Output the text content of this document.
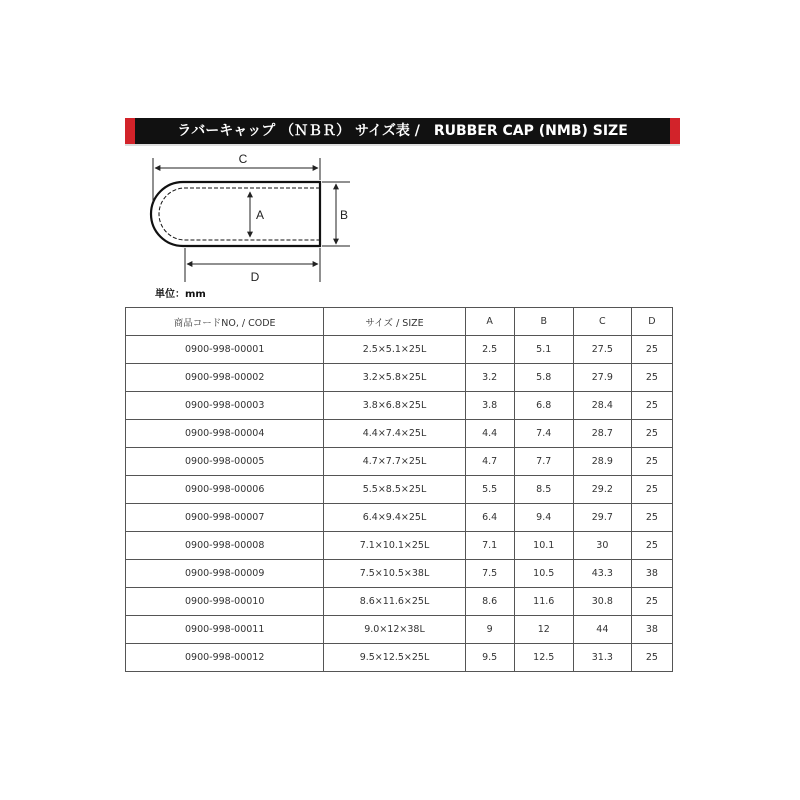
ラバーキャップ （ＮＢＲ） サイズ表 /　RUBBER CAP (NMB) SIZE
C
A	B
D
単位：mm
商品コードNO, / CODE	サイズ / SIZE	A	B	C	D
0900-998-00001	2.5×5.1×25L	2.5	5.1	27.5	25
0900-998-00002	3.2×5.8×25L	3.2	5.8	27.9	25
0900-998-00003	3.8×6.8×25L	3.8	6.8	28.4	25
0900-998-00004	4.4×7.4×25L	4.4	7.4	28.7	25
0900-998-00005	4.7×7.7×25L	4.7	7.7	28.9	25
0900-998-00006	5.5×8.5×25L	5.5	8.5	29.2	25
0900-998-00007	6.4×9.4×25L	6.4	9.4	29.7	25
0900-998-00008	7.1×10.1×25L	7.1	10.1	30	25
0900-998-00009	7.5×10.5×38L	7.5	10.5	43.3	38
0900-998-00010	8.6×11.6×25L	8.6	11.6	30.8	25
0900-998-00011	9.0×12×38L	9	12	44	38
0900-998-00012	9.5×12.5×25L	9.5	12.5	31.3	25
